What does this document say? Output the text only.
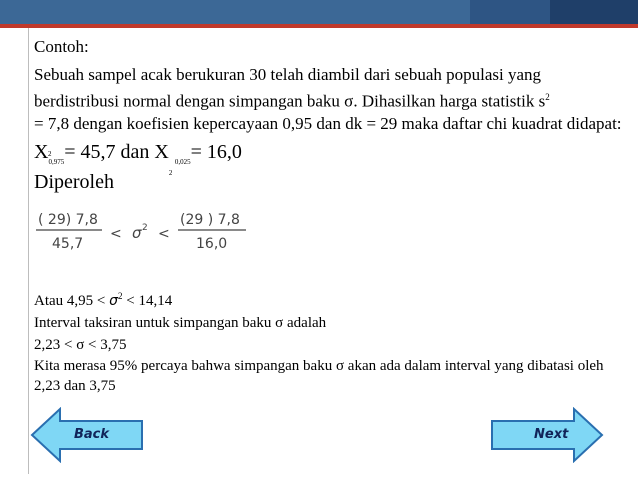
Contoh:

Sebuah sampel acak berukuran 30 telah diambil dari sebuah populasi yang berdistribusi normal dengan simpangan baku σ. Dihasilkan harga statistik $s^2$

= 7,8 dengan koefisien kepercayaan 0,95 dan dk = 29 maka daftar chi kuadrat didapat:

X 2
$_{0,975}$= 45,7 dan X
2
$_{0,025}$= 16,0

Diperoleh

( 29) 7,8
45,7
< σ 2 <
(29 ) 7,8
16,0

Atau $4,95 < \sigma^2 < 14,14$

Interval taksiran untuk simpangan baku σ adalah

2,23 < σ < 3,75

Kita merasa 95% percaya bahwa simpangan baku σ akan ada dalam interval yang dibatasi oleh 2,23 dan 3,75

Back	Next
